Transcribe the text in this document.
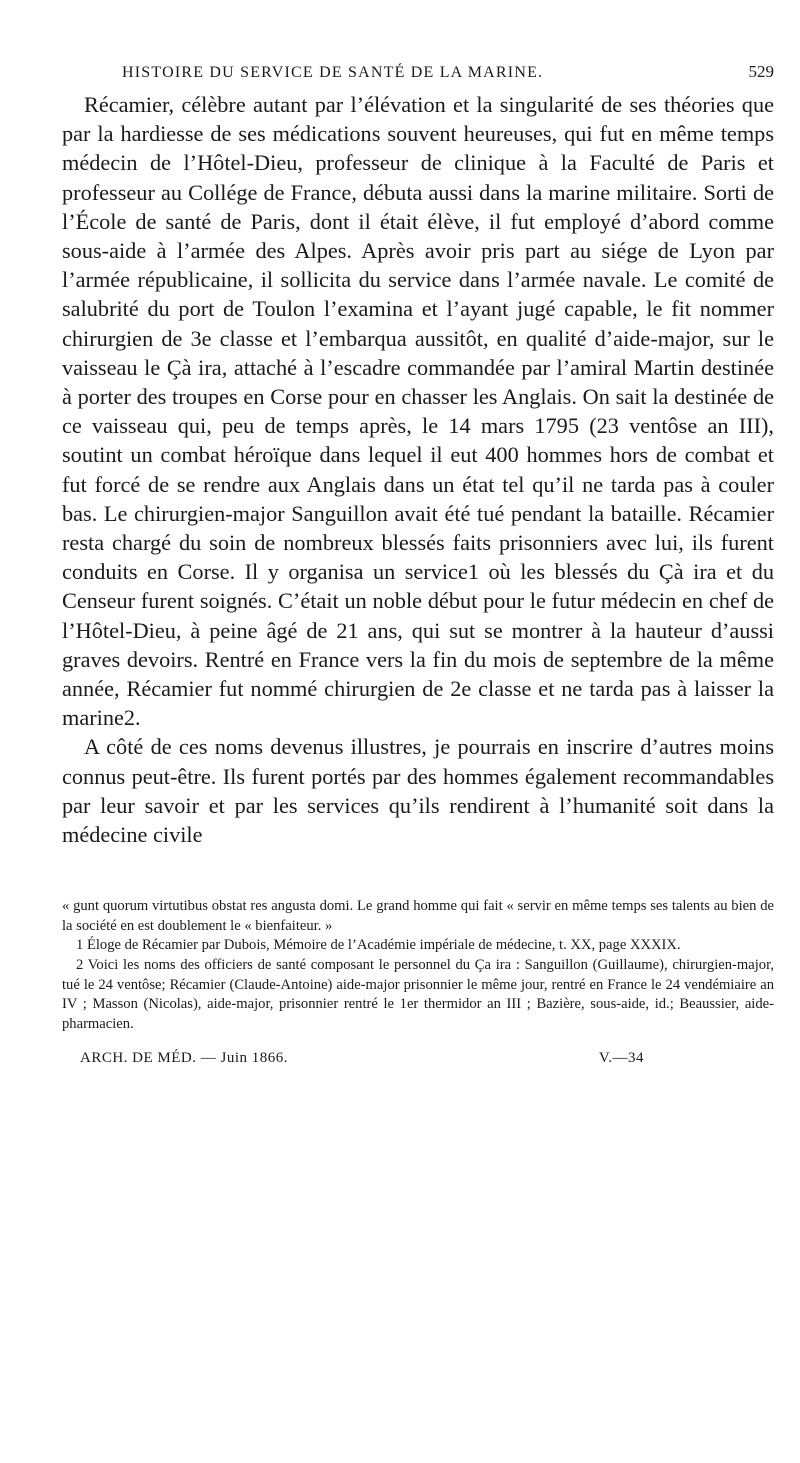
HISTOIRE DU SERVICE DE SANTÉ DE LA MARINE.	529

Récamier, célèbre autant par l’élévation et la singularité de ses théories que par la hardiesse de ses médications souvent heureuses, qui fut en même temps médecin de l’Hôtel-Dieu, professeur de clinique à la Faculté de Paris et professeur au Collége de France, débuta aussi dans la marine militaire. Sorti de l’École de santé de Paris, dont il était élève, il fut employé d’abord comme sous-aide à l’armée des Alpes. Après avoir pris part au siége de Lyon par l’armée républicaine, il sollicita du service dans l’armée navale. Le comité de salubrité du port de Toulon l’examina et l’ayant jugé capable, le fit nommer chirurgien de 3e classe et l’embarqua aussitôt, en qualité d’aide-major, sur le vaisseau le Çà ira, attaché à l’escadre commandée par l’amiral Martin destinée à porter des troupes en Corse pour en chasser les Anglais. On sait la destinée de ce vaisseau qui, peu de temps après, le 14 mars 1795 (23 ventôse an III), soutint un combat héroïque dans lequel il eut 400 hommes hors de combat et fut forcé de se rendre aux Anglais dans un état tel qu’il ne tarda pas à couler bas. Le chirurgien-major Sanguillon avait été tué pendant la bataille. Récamier resta chargé du soin de nombreux blessés faits prisonniers avec lui, ils furent conduits en Corse. Il y organisa un service1 où les blessés du Çà ira et du Censeur furent soignés. C’était un noble début pour le futur médecin en chef de l’Hôtel-Dieu, à peine âgé de 21 ans, qui sut se montrer à la hauteur d’aussi graves devoirs. Rentré en France vers la fin du mois de septembre de la même année, Récamier fut nommé chirurgien de 2e classe et ne tarda pas à laisser la marine2.

A côté de ces noms devenus illustres, je pourrais en inscrire d’autres moins connus peut-être. Ils furent portés par des hommes également recommandables par leur savoir et par les services qu’ils rendirent à l’humanité soit dans la médecine civile

« gunt quorum virtutibus obstat res angusta domi. Le grand homme qui fait « servir en même temps ses talents au bien de la société en est doublement le « bienfaiteur. »

1 Éloge de Récamier par Dubois, Mémoire de l’Académie impériale de médecine, t. XX, page XXXIX.

2 Voici les noms des officiers de santé composant le personnel du Ça ira : Sanguillon (Guillaume), chirurgien-major, tué le 24 ventôse; Récamier (Claude-Antoine) aide-major prisonnier le même jour, rentré en France le 24 vendémiaire an IV ; Masson (Nicolas), aide-major, prisonnier rentré le 1er thermidor an III ; Bazière, sous-aide, id.; Beaussier, aide-pharmacien.

ARCH. DE MÉD. — Juin 1866.	V.—34
